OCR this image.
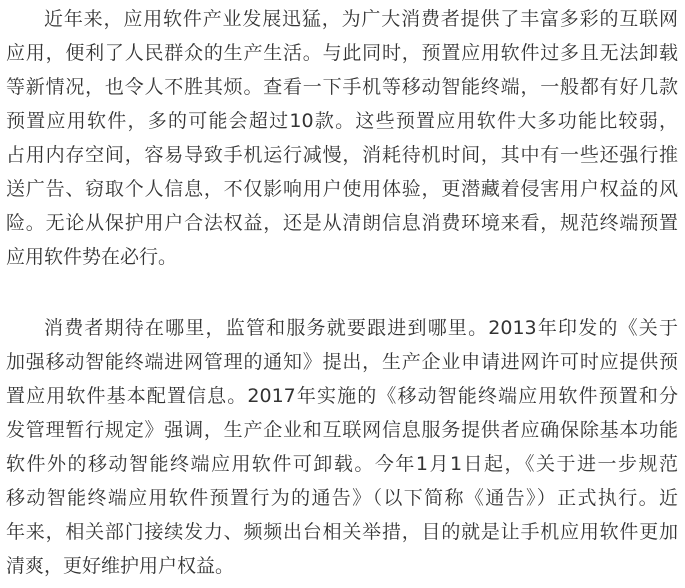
近年来，应用软件产业发展迅猛，为广大消费者提供了丰富多彩的互联网
应用，便利了人民群众的生产生活。与此同时，预置应用软件过多且无法卸载
等新情况，也令人不胜其烦。查看一下手机等移动智能终端，一般都有好几款
预置应用软件，多的可能会超过10款。这些预置应用软件大多功能比较弱，
占用内存空间，容易导致手机运行减慢，消耗待机时间，其中有一些还强行推
送广告、窃取个人信息，不仅影响用户使用体验，更潜藏着侵害用户权益的风
险。无论从保护用户合法权益，还是从清朗信息消费环境来看，规范终端预置
应用软件势在必行。
消费者期待在哪里，监管和服务就要跟进到哪里。2013年印发的《关于
加强移动智能终端进网管理的通知》提出，生产企业申请进网许可时应提供预
置应用软件基本配置信息。2017年实施的《移动智能终端应用软件预置和分
发管理暂行规定》强调，生产企业和互联网信息服务提供者应确保除基本功能
软件外的移动智能终端应用软件可卸载。今年1月1日起，《关于进一步规范
移动智能终端应用软件预置行为的通告》（以下简称《通告》）正式执行。近
年来，相关部门接续发力、频频出台相关举措，目的就是让手机应用软件更加
清爽，更好维护用户权益。
